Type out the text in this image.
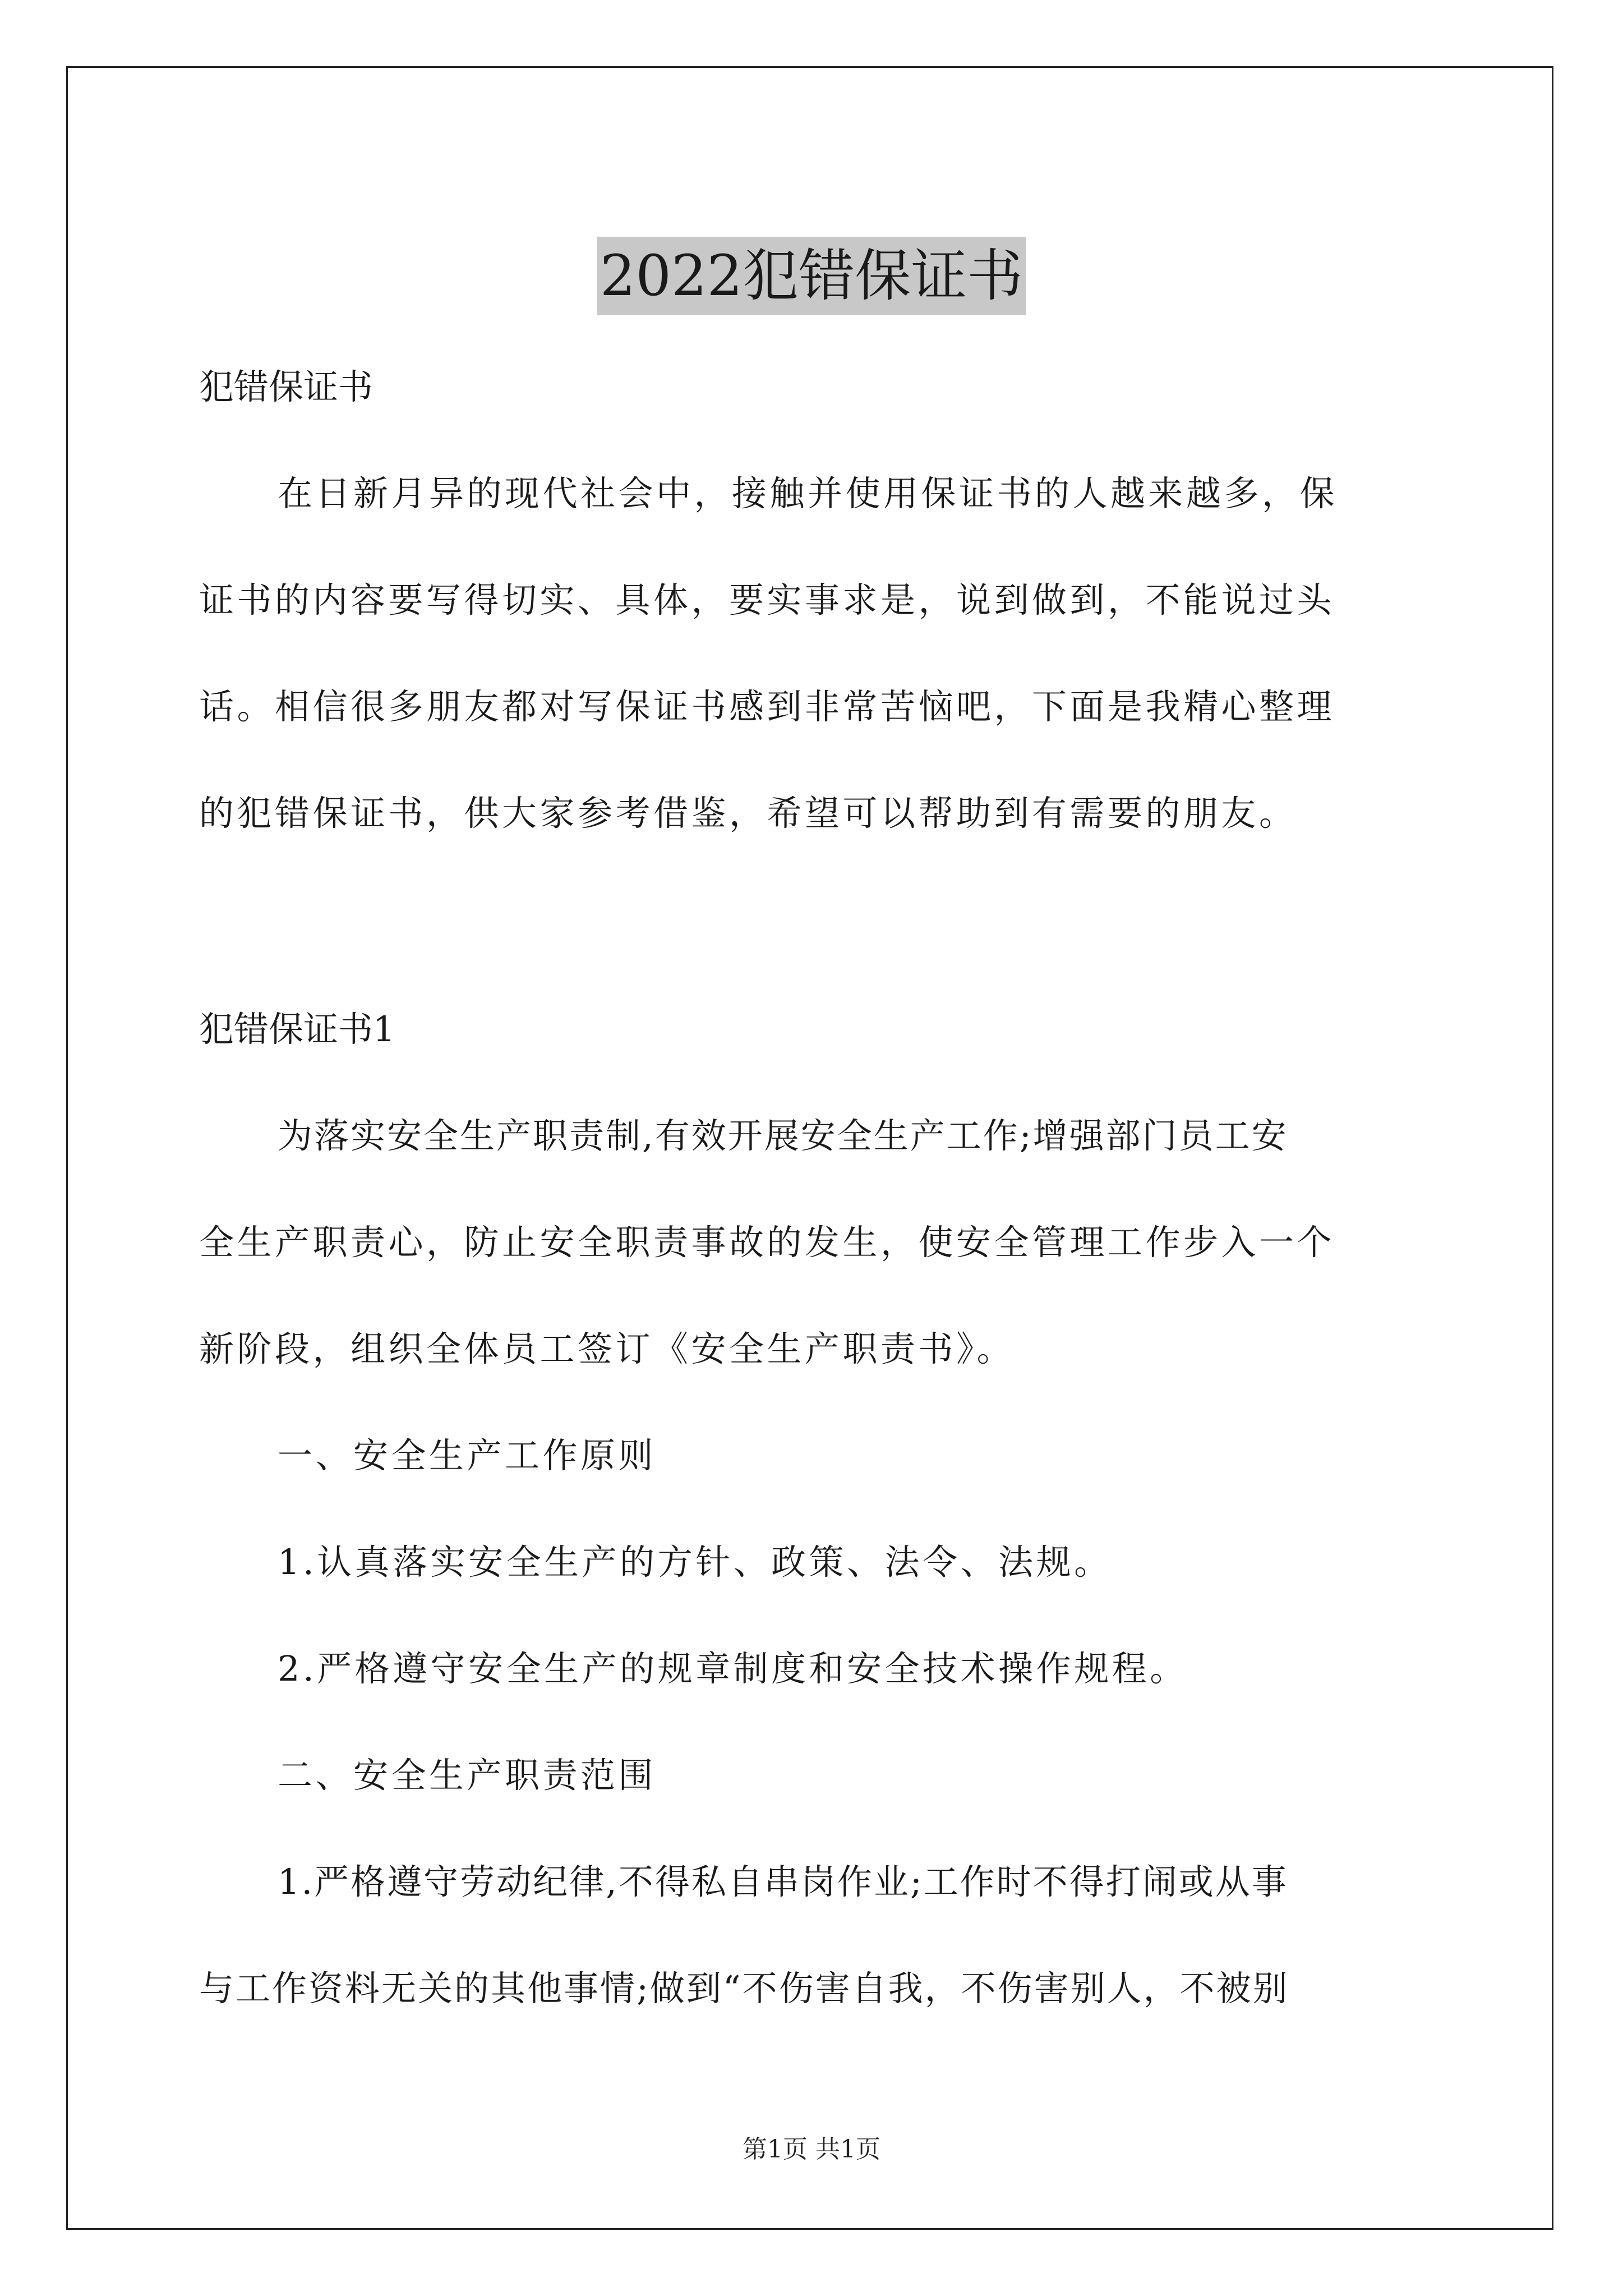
2022犯错保证书

犯错保证书

在日新月异的现代社会中，接触并使用保证书的人越来越多，保

证书的内容要写得切实、具体，要实事求是，说到做到，不能说过头

话。相信很多朋友都对写保证书感到非常苦恼吧，下面是我精心整理

的犯错保证书，供大家参考借鉴，希望可以帮助到有需要的朋友。

犯错保证书1

为落实安全生产职责制,有效开展安全生产工作;增强部门员工安

全生产职责心，防止安全职责事故的发生，使安全管理工作步入一个

新阶段，组织全体员工签订《安全生产职责书》。

一、安全生产工作原则

1.认真落实安全生产的方针、政策、法令、法规。

2.严格遵守安全生产的规章制度和安全技术操作规程。

二、安全生产职责范围

1.严格遵守劳动纪律,不得私自串岗作业;工作时不得打闹或从事

与工作资料无关的其他事情;做到“不伤害自我，不伤害别人，不被别

第1页 共1页
